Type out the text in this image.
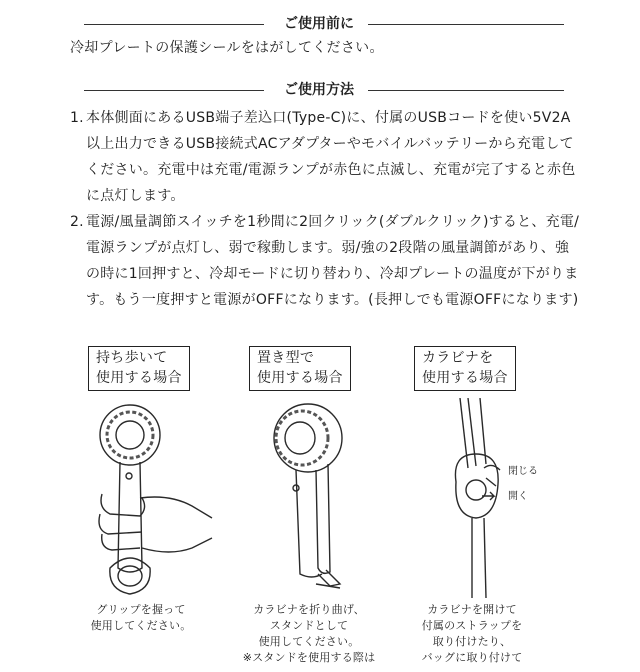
ご使用前に
冷却プレートの保護シールをはがしてください。
ご使用方法
1. 本体側面にあるUSB端子差込口(Type-C)に、付属のUSBコードを使い5V2A以上出力できるUSB接続式ACアダプターやモバイルバッテリーから充電してください。充電中は充電/電源ランプが赤色に点滅し、充電が完了すると赤色に点灯します。
2. 電源/風量調節スイッチを1秒間に2回クリック(ダブルクリック)すると、充電/電源ランプが点灯し、弱で稼動します。弱/強の2段階の風量調節があり、強の時に1回押すと、冷却モードに切り替わり、冷却プレートの温度が下がります。もう一度押すと電源がOFFになります。(長押しでも電源OFFになります)
持ち歩いて
使用する場合
置き型で
使用する場合
カラビナを
使用する場合
閉じる
開く
グリップを握って
使用してください。
カラビナを折り曲げ、
スタンドとして
使用してください。
※スタンドを使用する際は
カラビナを開けて
付属のストラップを
取り付けたり、
バッグに取り付けて
